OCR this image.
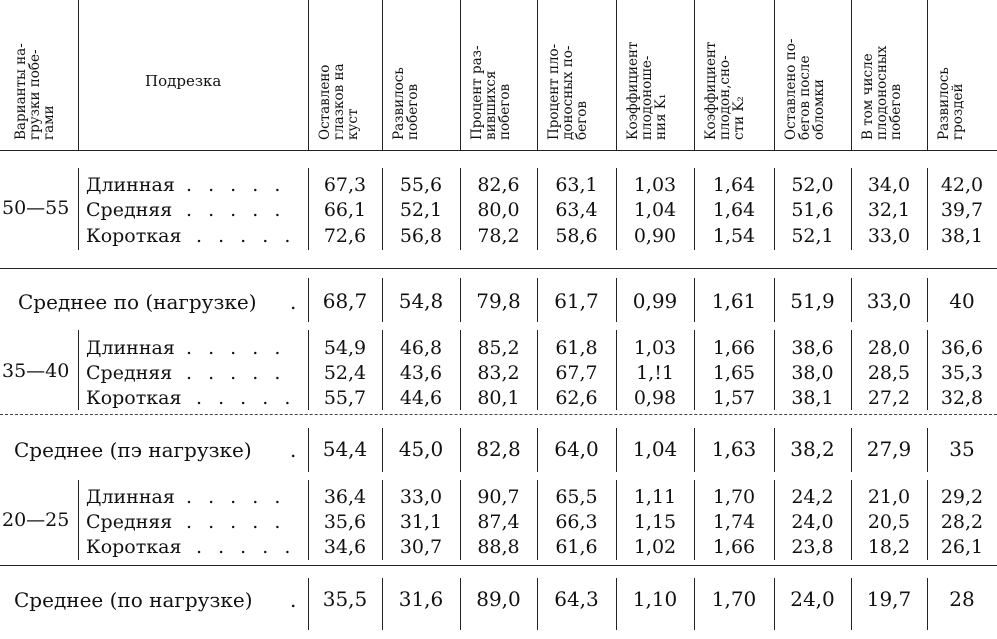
Варианты на-
грузки побе-
гами
Подрезка	Оставлено
глазков на
куст	Развилось
побегов	Процент раз-
вившихся
побегов	Процент пло-
доносных по-
бегов	Коэффициент
плодоноше-
ния K₁	Коэффициент
плодон‚сно-
сти K₂	Оставлено по-
бегов после
обломки	В том числе
плодоносных
побегов	Развилось
гроздей
50—55
Длинная . . . . .	67,3	55,6	82,6	63,1	1,03	1,64	52,0	34,0	42,0
Средняя . . . . .	66,1	52,1	80,0	63,4	1,04	1,64	51,6	32,1	39,7
Короткая . . . . .	72,6	56,8	78,2	58,6	0,90	1,54	52,1	33,0	38,1
Среднее по (нагрузке) .	68,7	54,8	79,8	61,7	0,99	1,61	51,9	33,0	40
35—40
Длинная . . . . .	54,9	46,8	85,2	61,8	1,03	1,66	38,6	28,0	36,6
Средняя . . . . .	52,4	43,6	83,2	67,7	1,!1	1,65	38,0	28,5	35,3
Короткая . . . . .	55,7	44,6	80,1	62,6	0,98	1,57	38,1	27,2	32,8
Среднее (пэ нагрузке) .	54,4	45,0	82,8	64,0	1,04	1,63	38,2	27,9	35
20—25
Длинная . . . . .	36,4	33,0	90,7	65,5	1,11	1,70	24,2	21,0	29,2
Средняя . . . . .	35,6	31,1	87,4	66,3	1,15	1,74	24,0	20,5	28,2
Короткая . . . . .	34,6	30,7	88,8	61,6	1,02	1,66	23,8	18,2	26,1
Среднее (по нагрузке) .	35,5	31,6	89,0	64,3	1,10	1,70	24,0	19,7	28
